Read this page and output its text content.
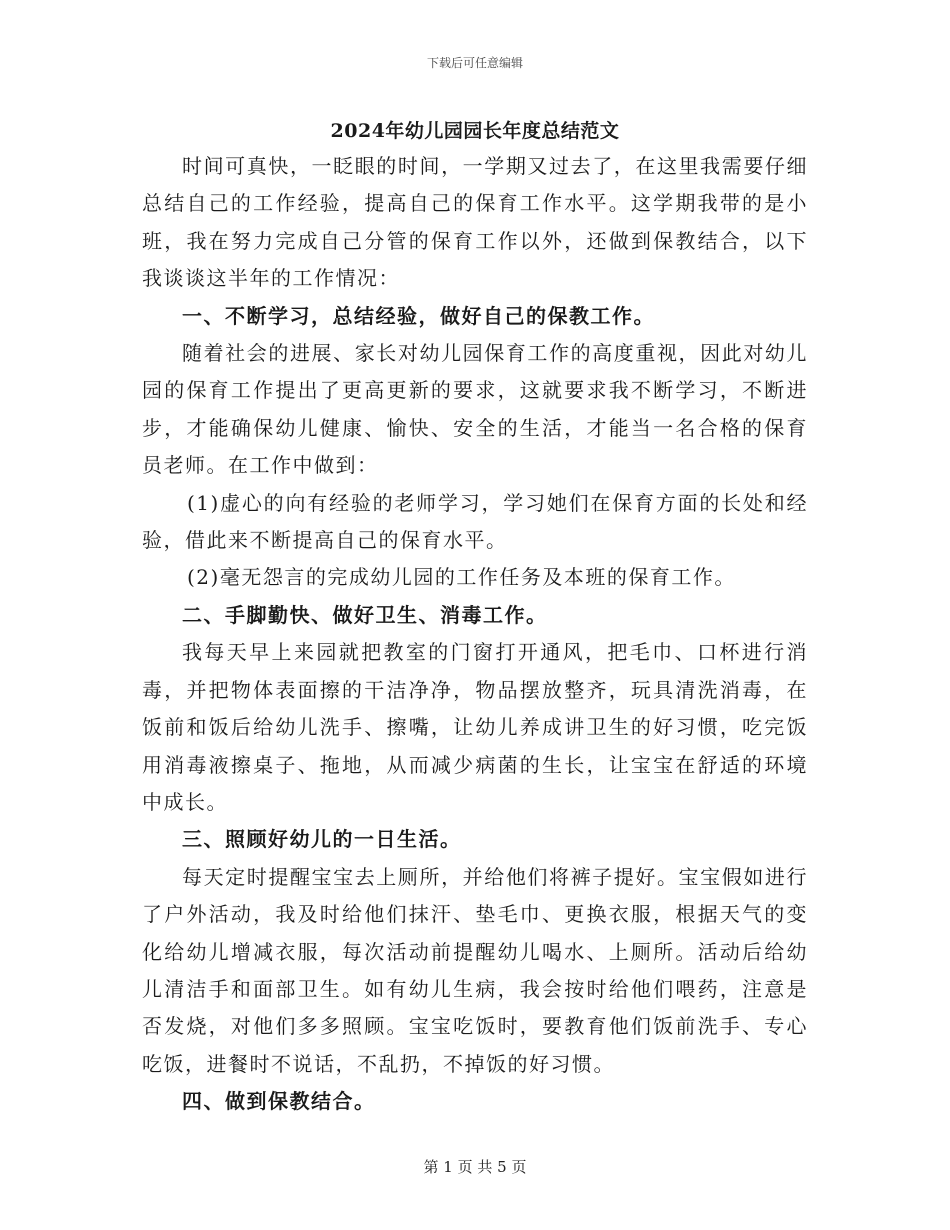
下载后可任意编辑
2024年幼儿园园长年度总结范文

时间可真快，一眨眼的时间，一学期又过去了，在这里我需要仔细总结自己的工作经验，提高自己的保育工作水平。这学期我带的是小班，我在努力完成自己分管的保育工作以外，还做到保教结合，以下我谈谈这半年的工作情况：

一、不断学习，总结经验，做好自己的保教工作。

随着社会的进展、家长对幼儿园保育工作的高度重视，因此对幼儿园的保育工作提出了更高更新的要求，这就要求我不断学习，不断进步，才能确保幼儿健康、愉快、安全的生活，才能当一名合格的保育员老师。在工作中做到：

(1)虚心的向有经验的老师学习，学习她们在保育方面的长处和经验，借此来不断提高自己的保育水平。

(2)毫无怨言的完成幼儿园的工作任务及本班的保育工作。

二、手脚勤快、做好卫生、消毒工作。

我每天早上来园就把教室的门窗打开通风，把毛巾、口杯进行消毒，并把物体表面擦的干洁净净，物品摆放整齐，玩具清洗消毒，在饭前和饭后给幼儿洗手、擦嘴，让幼儿养成讲卫生的好习惯，吃完饭用消毒液擦桌子、拖地，从而减少病菌的生长，让宝宝在舒适的环境中成长。

三、照顾好幼儿的一日生活。

每天定时提醒宝宝去上厕所，并给他们将裤子提好。宝宝假如进行了户外活动，我及时给他们抹汗、垫毛巾、更换衣服，根据天气的变化给幼儿增减衣服，每次活动前提醒幼儿喝水、上厕所。活动后给幼儿清洁手和面部卫生。如有幼儿生病，我会按时给他们喂药，注意是否发烧，对他们多多照顾。宝宝吃饭时，要教育他们饭前洗手、专心吃饭，进餐时不说话，不乱扔，不掉饭的好习惯。

四、做到保教结合。

第 1 页 共 5 页
